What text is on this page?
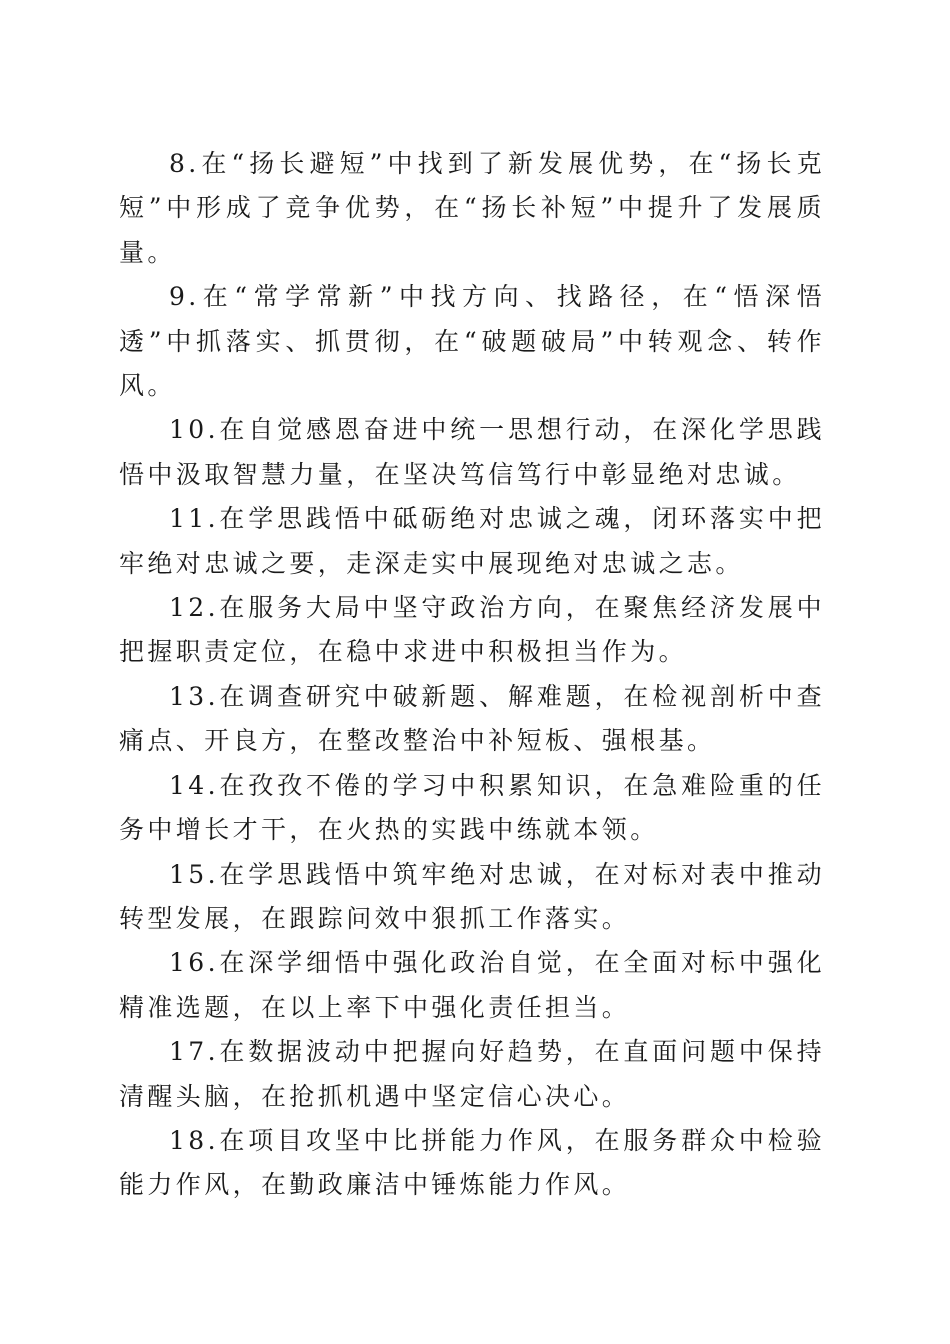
8.在“扬长避短”中找到了新发展优势，在“扬长克短”中形成了竞争优势，在“扬长补短”中提升了发展质量。

9.在“常学常新”中找方向、找路径，在“悟深悟透”中抓落实、抓贯彻，在“破题破局”中转观念、转作风。

10.在自觉感恩奋进中统一思想行动，在深化学思践悟中汲取智慧力量，在坚决笃信笃行中彰显绝对忠诚。

11.在学思践悟中砥砺绝对忠诚之魂，闭环落实中把牢绝对忠诚之要，走深走实中展现绝对忠诚之志。

12.在服务大局中坚守政治方向，在聚焦经济发展中把握职责定位，在稳中求进中积极担当作为。

13.在调查研究中破新题、解难题，在检视剖析中查痛点、开良方，在整改整治中补短板、强根基。

14.在孜孜不倦的学习中积累知识，在急难险重的任务中增长才干，在火热的实践中练就本领。

15.在学思践悟中筑牢绝对忠诚，在对标对表中推动转型发展，在跟踪问效中狠抓工作落实。

16.在深学细悟中强化政治自觉，在全面对标中强化精准选题，在以上率下中强化责任担当。

17.在数据波动中把握向好趋势，在直面问题中保持清醒头脑，在抢抓机遇中坚定信心决心。

18.在项目攻坚中比拼能力作风，在服务群众中检验能力作风，在勤政廉洁中锤炼能力作风。
